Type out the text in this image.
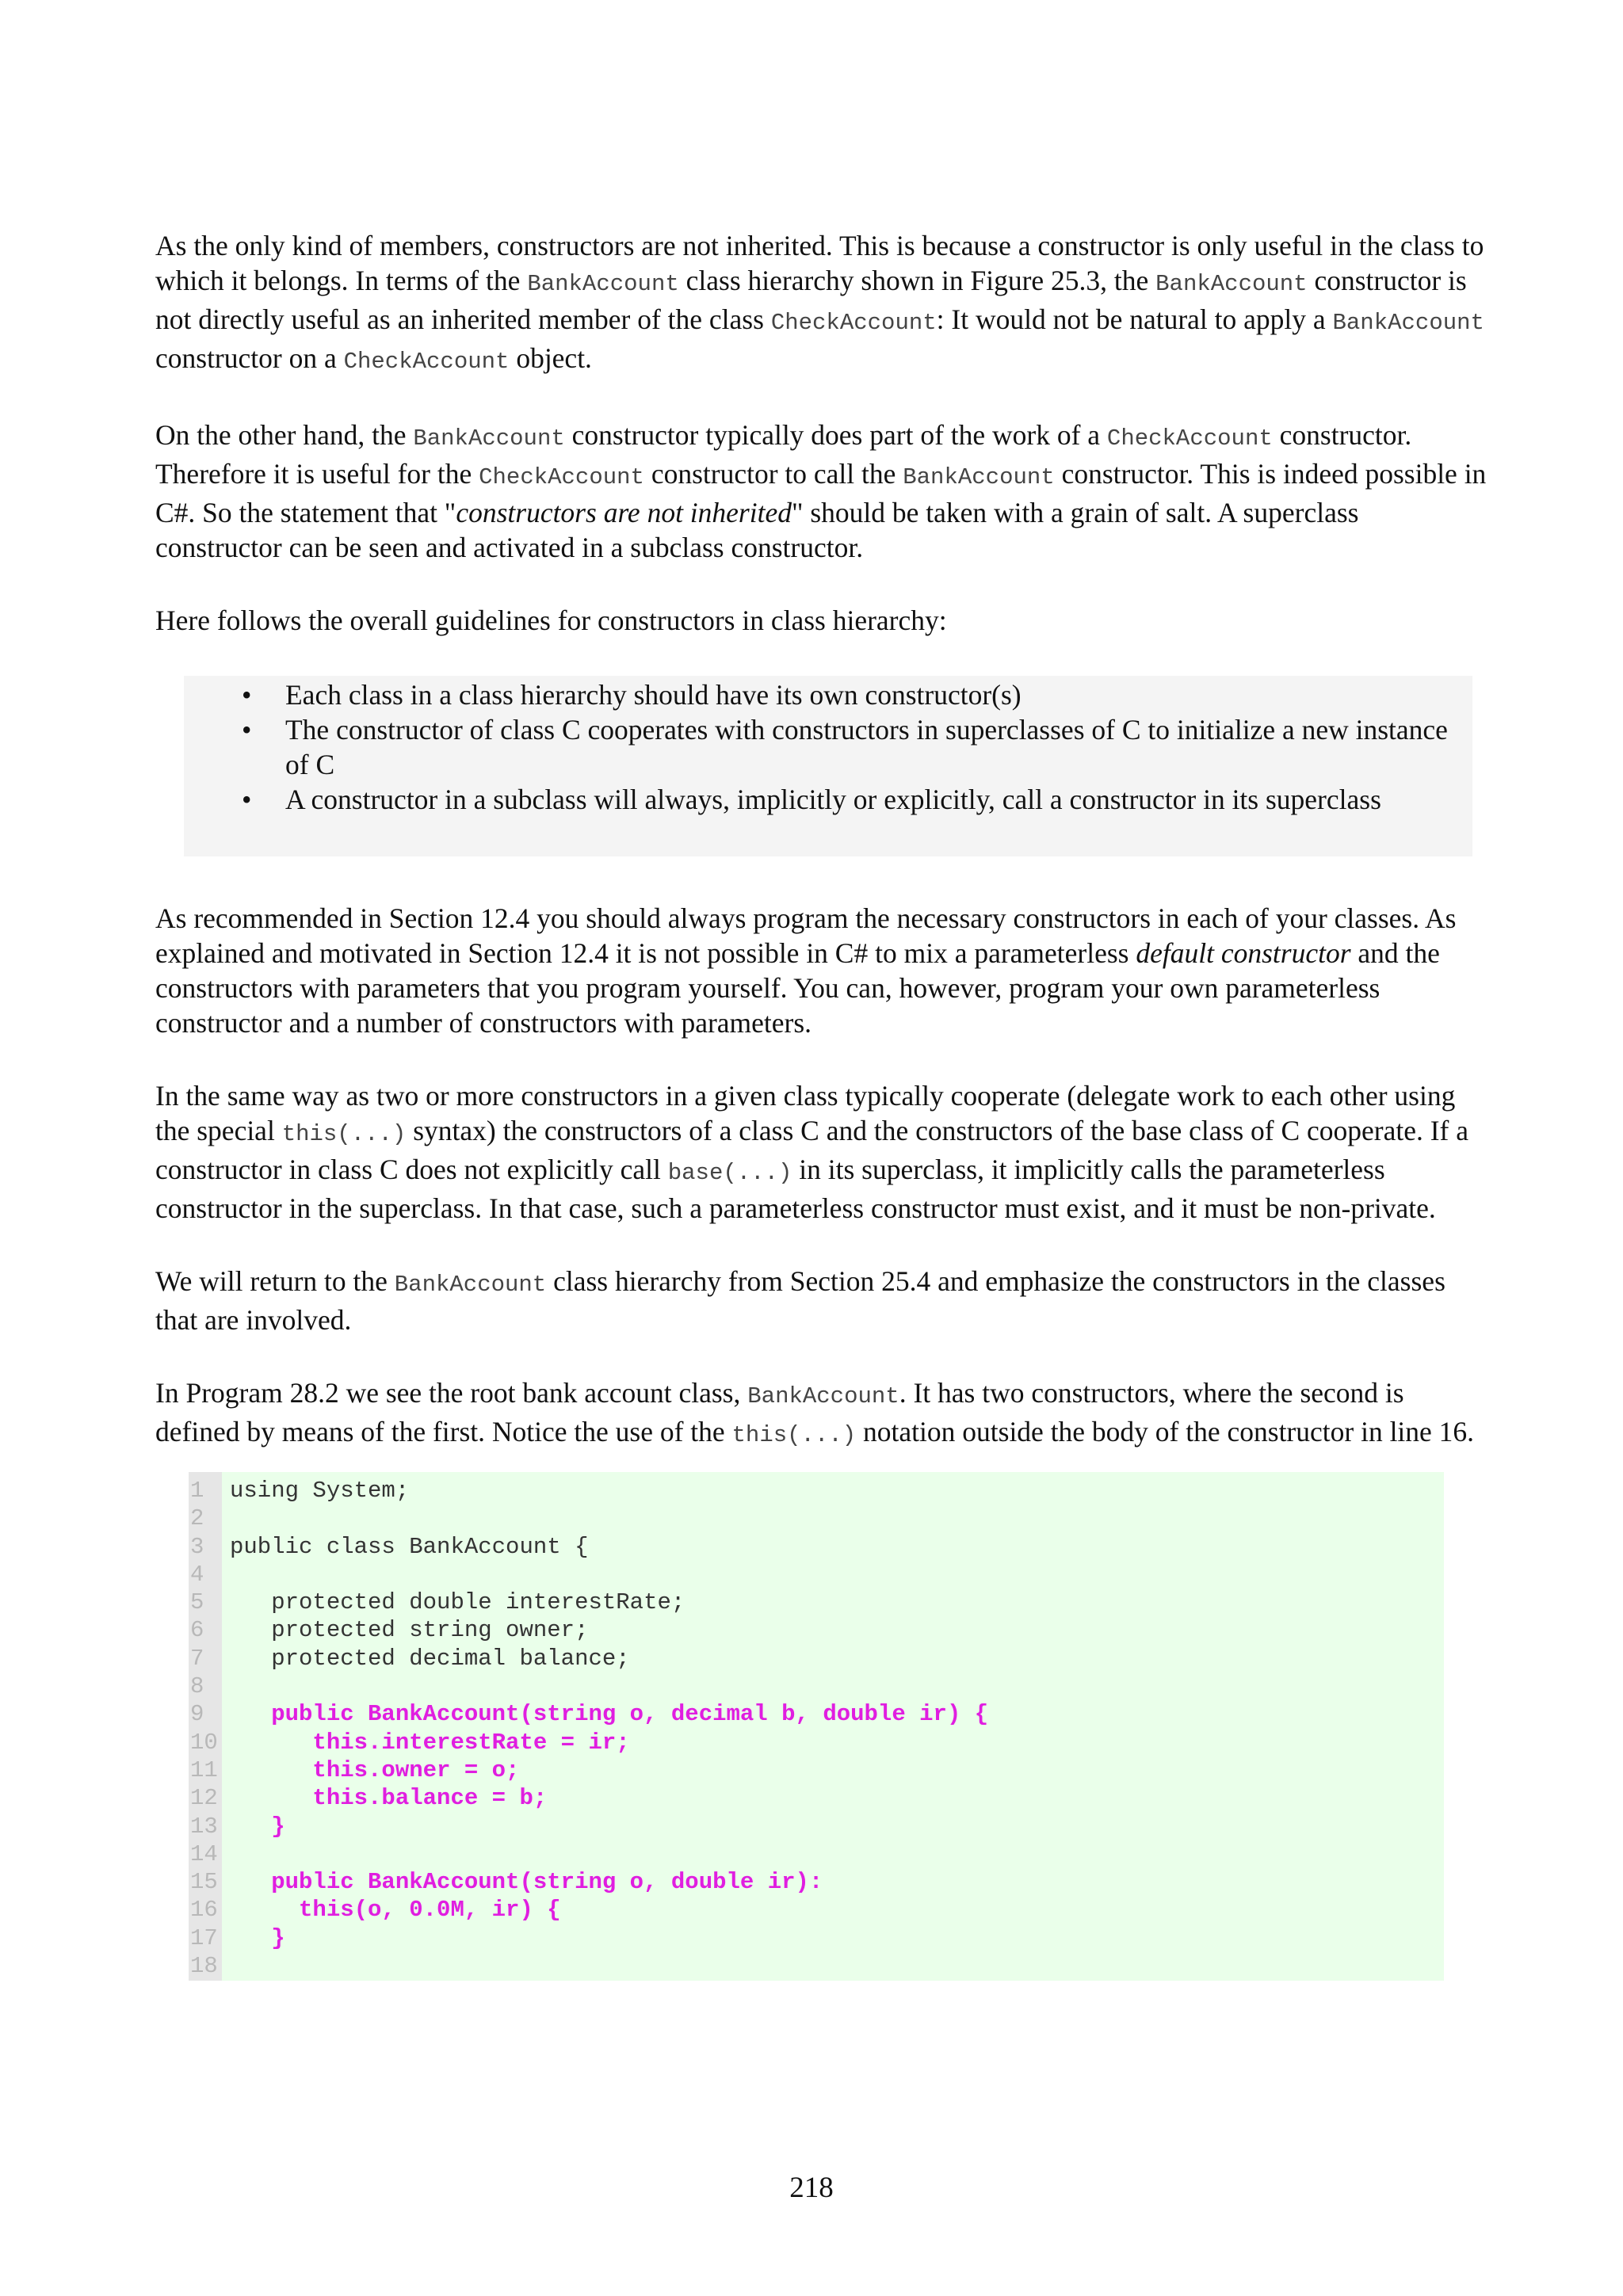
As the only kind of members, constructors are not inherited. This is because a constructor is only useful in the class to which it belongs. In terms of the BankAccount class hierarchy shown in Figure 25.3, the BankAccount constructor is not directly useful as an inherited member of the class CheckAccount: It would not be natural to apply a BankAccount constructor on a CheckAccount object.

On the other hand, the BankAccount constructor typically does part of the work of a CheckAccount constructor. Therefore it is useful for the CheckAccount constructor to call the BankAccount constructor. This is indeed possible in C#. So the statement that "constructors are not inherited" should be taken with a grain of salt. A superclass constructor can be seen and activated in a subclass constructor.

Here follows the overall guidelines for constructors in class hierarchy:

• Each class in a class hierarchy should have its own constructor(s)
• The constructor of class C cooperates with constructors in superclasses of C to initialize a new instance of C
• A constructor in a subclass will always, implicitly or explicitly, call a constructor in its superclass

As recommended in Section 12.4 you should always program the necessary constructors in each of your classes. As explained and motivated in Section 12.4 it is not possible in C# to mix a parameterless default constructor and the constructors with parameters that you program yourself. You can, however, program your own parameterless constructor and a number of constructors with parameters.

In the same way as two or more constructors in a given class typically cooperate (delegate work to each other using the special this(...) syntax) the constructors of a class C and the constructors of the base class of C cooperate. If a constructor in class C does not explicitly call base(...) in its superclass, it implicitly calls the parameterless constructor in the superclass. In that case, such a parameterless constructor must exist, and it must be non-private.

We will return to the BankAccount class hierarchy from Section 25.4 and emphasize the constructors in the classes that are involved.

In Program 28.2 we see the root bank account class, BankAccount. It has two constructors, where the second is defined by means of the first. Notice the use of the this(...) notation outside the body of the constructor in line 16.

1	using System;
2
3	public class BankAccount {
4
5	protected double interestRate;
6	protected string owner;
7	protected decimal balance;
8
9	public BankAccount(string o, decimal b, double ir) {
10 this.interestRate = ir;
11 this.owner = o;
12 this.balance = b;
13 }
14
15 public BankAccount(string o, double ir):
16 this(o, 0.0M, ir) {
17 }
18
218
